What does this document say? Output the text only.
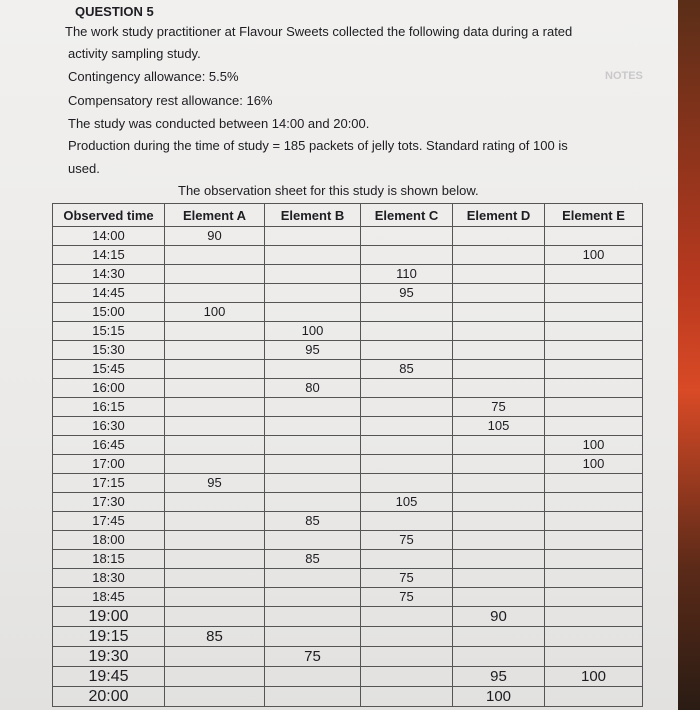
QUESTION 5
The work study practitioner at Flavour Sweets collected the following data during a rated
activity sampling study.
Contingency allowance: 5.5%
Compensatory rest allowance: 16%
The study was conducted between 14:00 and 20:00.
Production during the time of study = 185 packets of jelly tots. Standard rating of 100 is
used.
The observation sheet for this study is shown below.
NOTES
Observed time	Element A	Element B	Element C	Element D	Element E
14:00	90				
14:15					100
14:30			110		
14:45			95		
15:00	100				
15:15		100			
15:30		95			
15:45			85		
16:00		80			
16:15				75	
16:30				105	
16:45					100
17:00					100
17:15	95				
17:30			105		
17:45		85			
18:00			75		
18:15		85			
18:30			75		
18:45			75		
19:00				90	
19:15	85				
19:30		75			
19:45				95	100
20:00				100	
